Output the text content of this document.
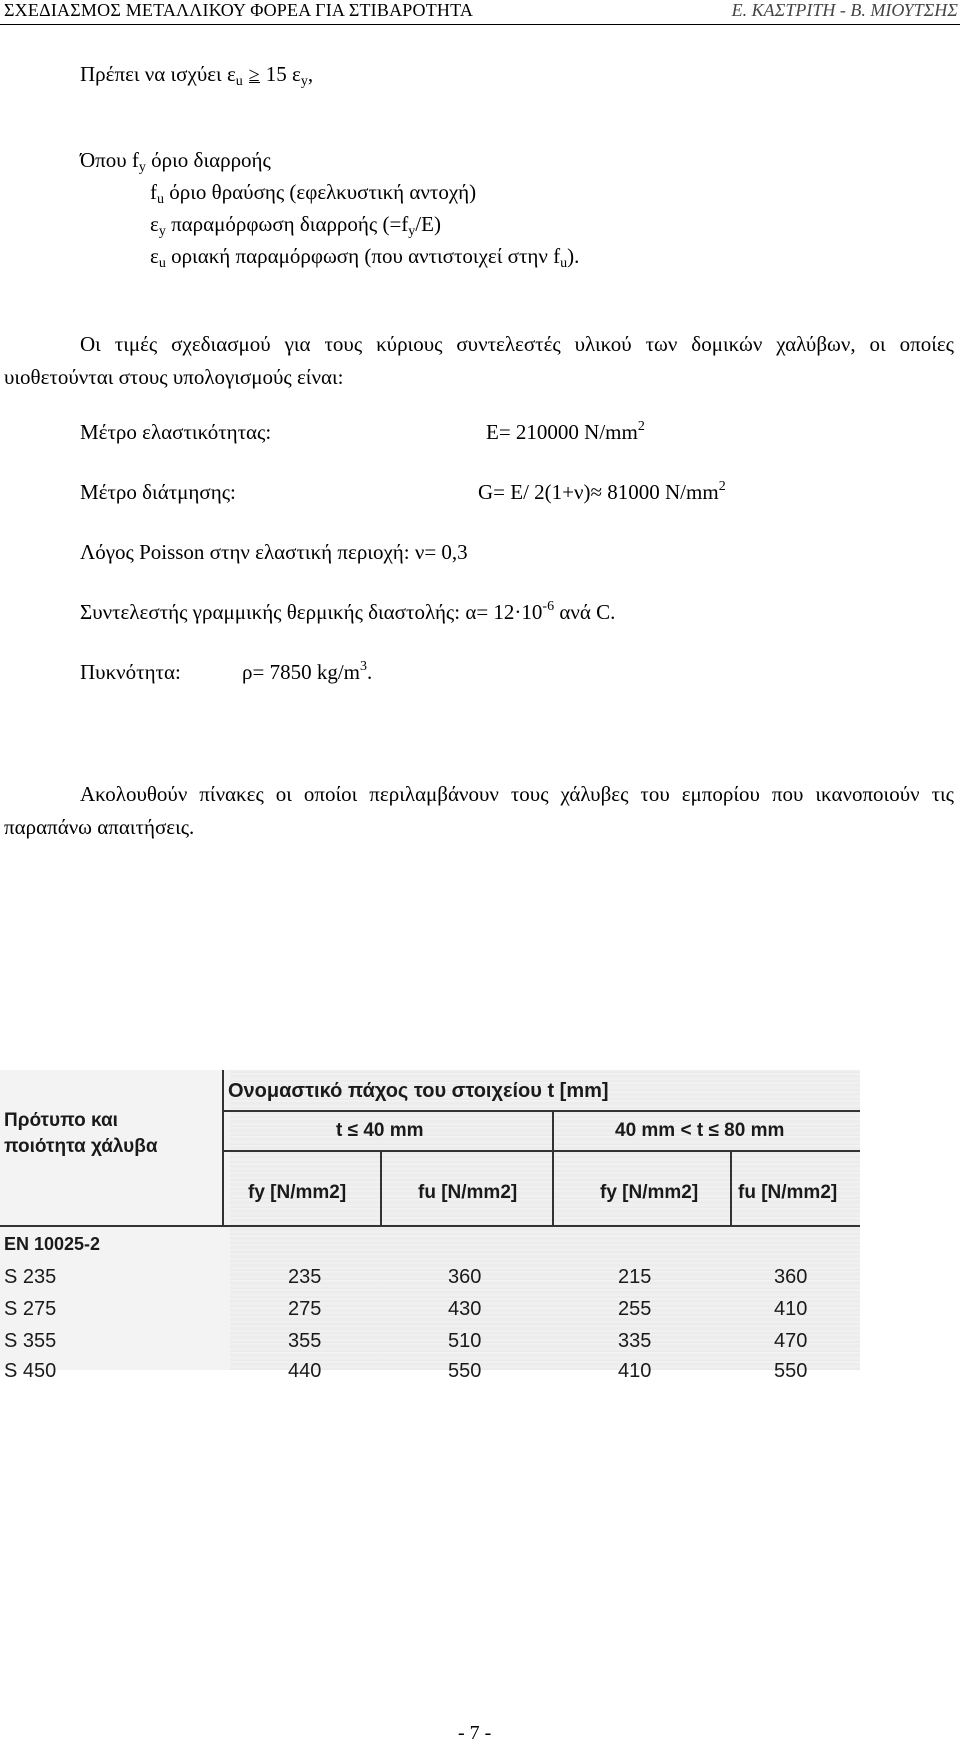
ΣΧΕΔΙΑΣΜΟΣ ΜΕΤΑΛΛΙΚΟΥ ΦΟΡΕΑ ΓΙΑ ΣΤΙΒΑΡΟΤΗΤΑ	Ε. ΚΑΣΤΡΙΤΗ - Β. ΜΙΟΥΤΣΗΣ
Πρέπει να ισχύει $\varepsilon_u \ge 15$ $\varepsilon_y$,
Όπου $f_y$ όριο διαρροής
$f_u$ όριο θραύσης (εφελκυστική αντοχή)
$\varepsilon_y$ παραμόρφωση διαρροής $(=f_y/E)$
$\varepsilon_u$ οριακή παραμόρφωση (που αντιστοιχεί στην $f_u$).
Οι τιμές σχεδιασμού για τους κύριους συντελεστές υλικού των δομικών χαλύβων, οι οποίες υιοθετούνται στους υπολογισμούς είναι:
Μέτρο ελαστικότητας:	E= 210000 $N/mm^2$
Μέτρο διάτμησης:	G= E/ 2(1+ν)≈ 81000 $N/mm^2$
Λόγος Poisson στην ελαστική περιοχή: ν= 0,3
Συντελεστής γραμμικής θερμικής διαστολής: $\alpha= 12\cdot 10^{-6}$ ανά C.
Πυκνότητα:	ρ= 7850 $kg/m^3$.
Ακολουθούν πίνακες οι οποίοι περιλαμβάνουν τους χάλυβες του εμπορίου που ικανοποιούν τις παραπάνω απαιτήσεις.
Ονομαστικό πάχος του στοιχείου t [mm]
Πρότυπο και
ποιότητα χάλυβα
t ≤ 40 mm	40 mm < t ≤ 80 mm
fy [N/mm2]	fu [N/mm2]	fy [N/mm2] fu [N/mm2]
EN 10025-2
S 235	235	360	215	360
S 275	275	430	255	410
S 355	355	510	335	470
S 450	440	550	410	550
- 7 -
